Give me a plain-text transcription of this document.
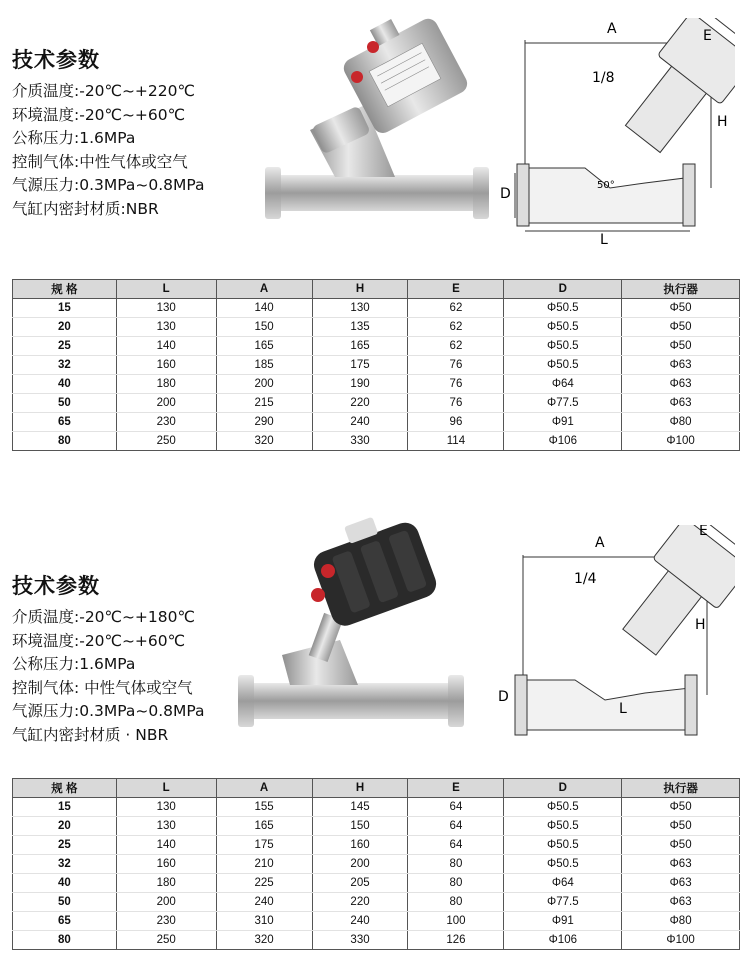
技术参数
介质温度:-20℃~+220℃
环境温度:-20℃~+60℃
公称压力:1.6MPa
控制气体:中性气体或空气
气源压力:0.3MPa~0.8MPa
气缸内密封材质:NBR
A	E
H
D
L
1/8
50°
规 格	L	A	H	E	D	执行器
15	130	140	130	62	Φ50.5	Φ50
20	130	150	135	62	Φ50.5	Φ50
25	140	165	165	62	Φ50.5	Φ50
32	160	185	175	76	Φ50.5	Φ63
40	180	200	190	76	Φ64	Φ63
50	200	215	220	76	Φ77.5	Φ63
65	230	290	240	96	Φ91	Φ80
80	250	320	330	114	Φ106	Φ100
技术参数
介质温度:-20℃~+180℃
环境温度:-20℃~+60℃
公称压力:1.6MPa
控制气体: 中性气体或空气
气源压力:0.3MPa~0.8MPa
气缸内密封材质 · NBR
A
E
H
D
L
1/4
规 格	L	A	H	E	D	执行器
15	130	155	145	64	Φ50.5	Φ50
20	130	165	150	64	Φ50.5	Φ50
25	140	175	160	64	Φ50.5	Φ50
32	160	210	200	80	Φ50.5	Φ63
40	180	225	205	80	Φ64	Φ63
50	200	240	220	80	Φ77.5	Φ63
65	230	310	240	100	Φ91	Φ80
80	250	320	330	126	Φ106	Φ100
